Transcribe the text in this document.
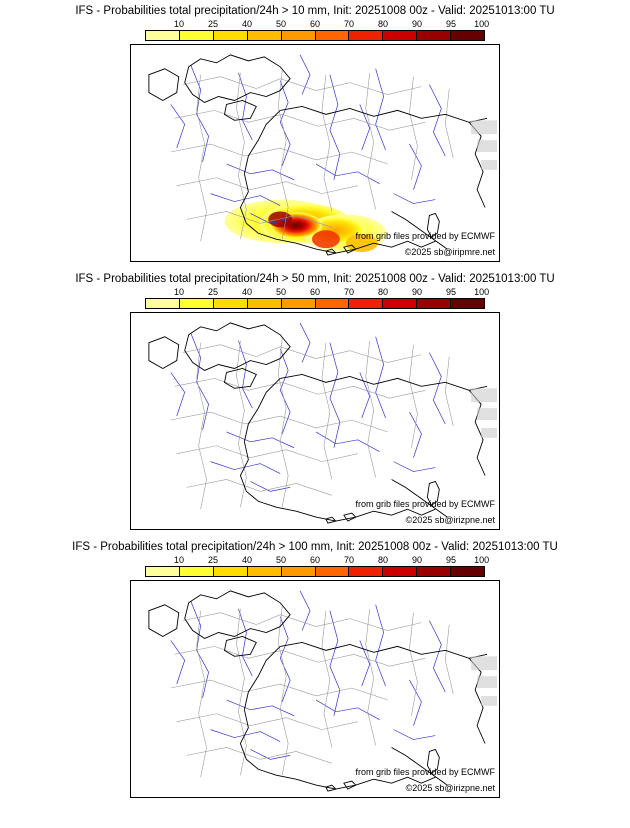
IFS - Probabilities total precipitation/24h > 10 mm, Init: 20251008 00z - Valid: 20251013:00 TU
10	25	40	50	60	70	80	90	95 100
from grib files provided by ECMWF
©2025 sb@iripmre.net
IFS - Probabilities total precipitation/24h > 50 mm, Init: 20251008 00z - Valid: 20251013:00 TU
10	25	40	50	60	70	80	90	95 100
from grib files provided by ECMWF
©2025 sb@irizpne.net
IFS - Probabilities total precipitation/24h > 100 mm, Init: 20251008 00z - Valid: 20251013:00 TU
10	25	40	50	60	70	80	90	95 100
from grib files provided by ECMWF
©2025 sb@irizpne.net
